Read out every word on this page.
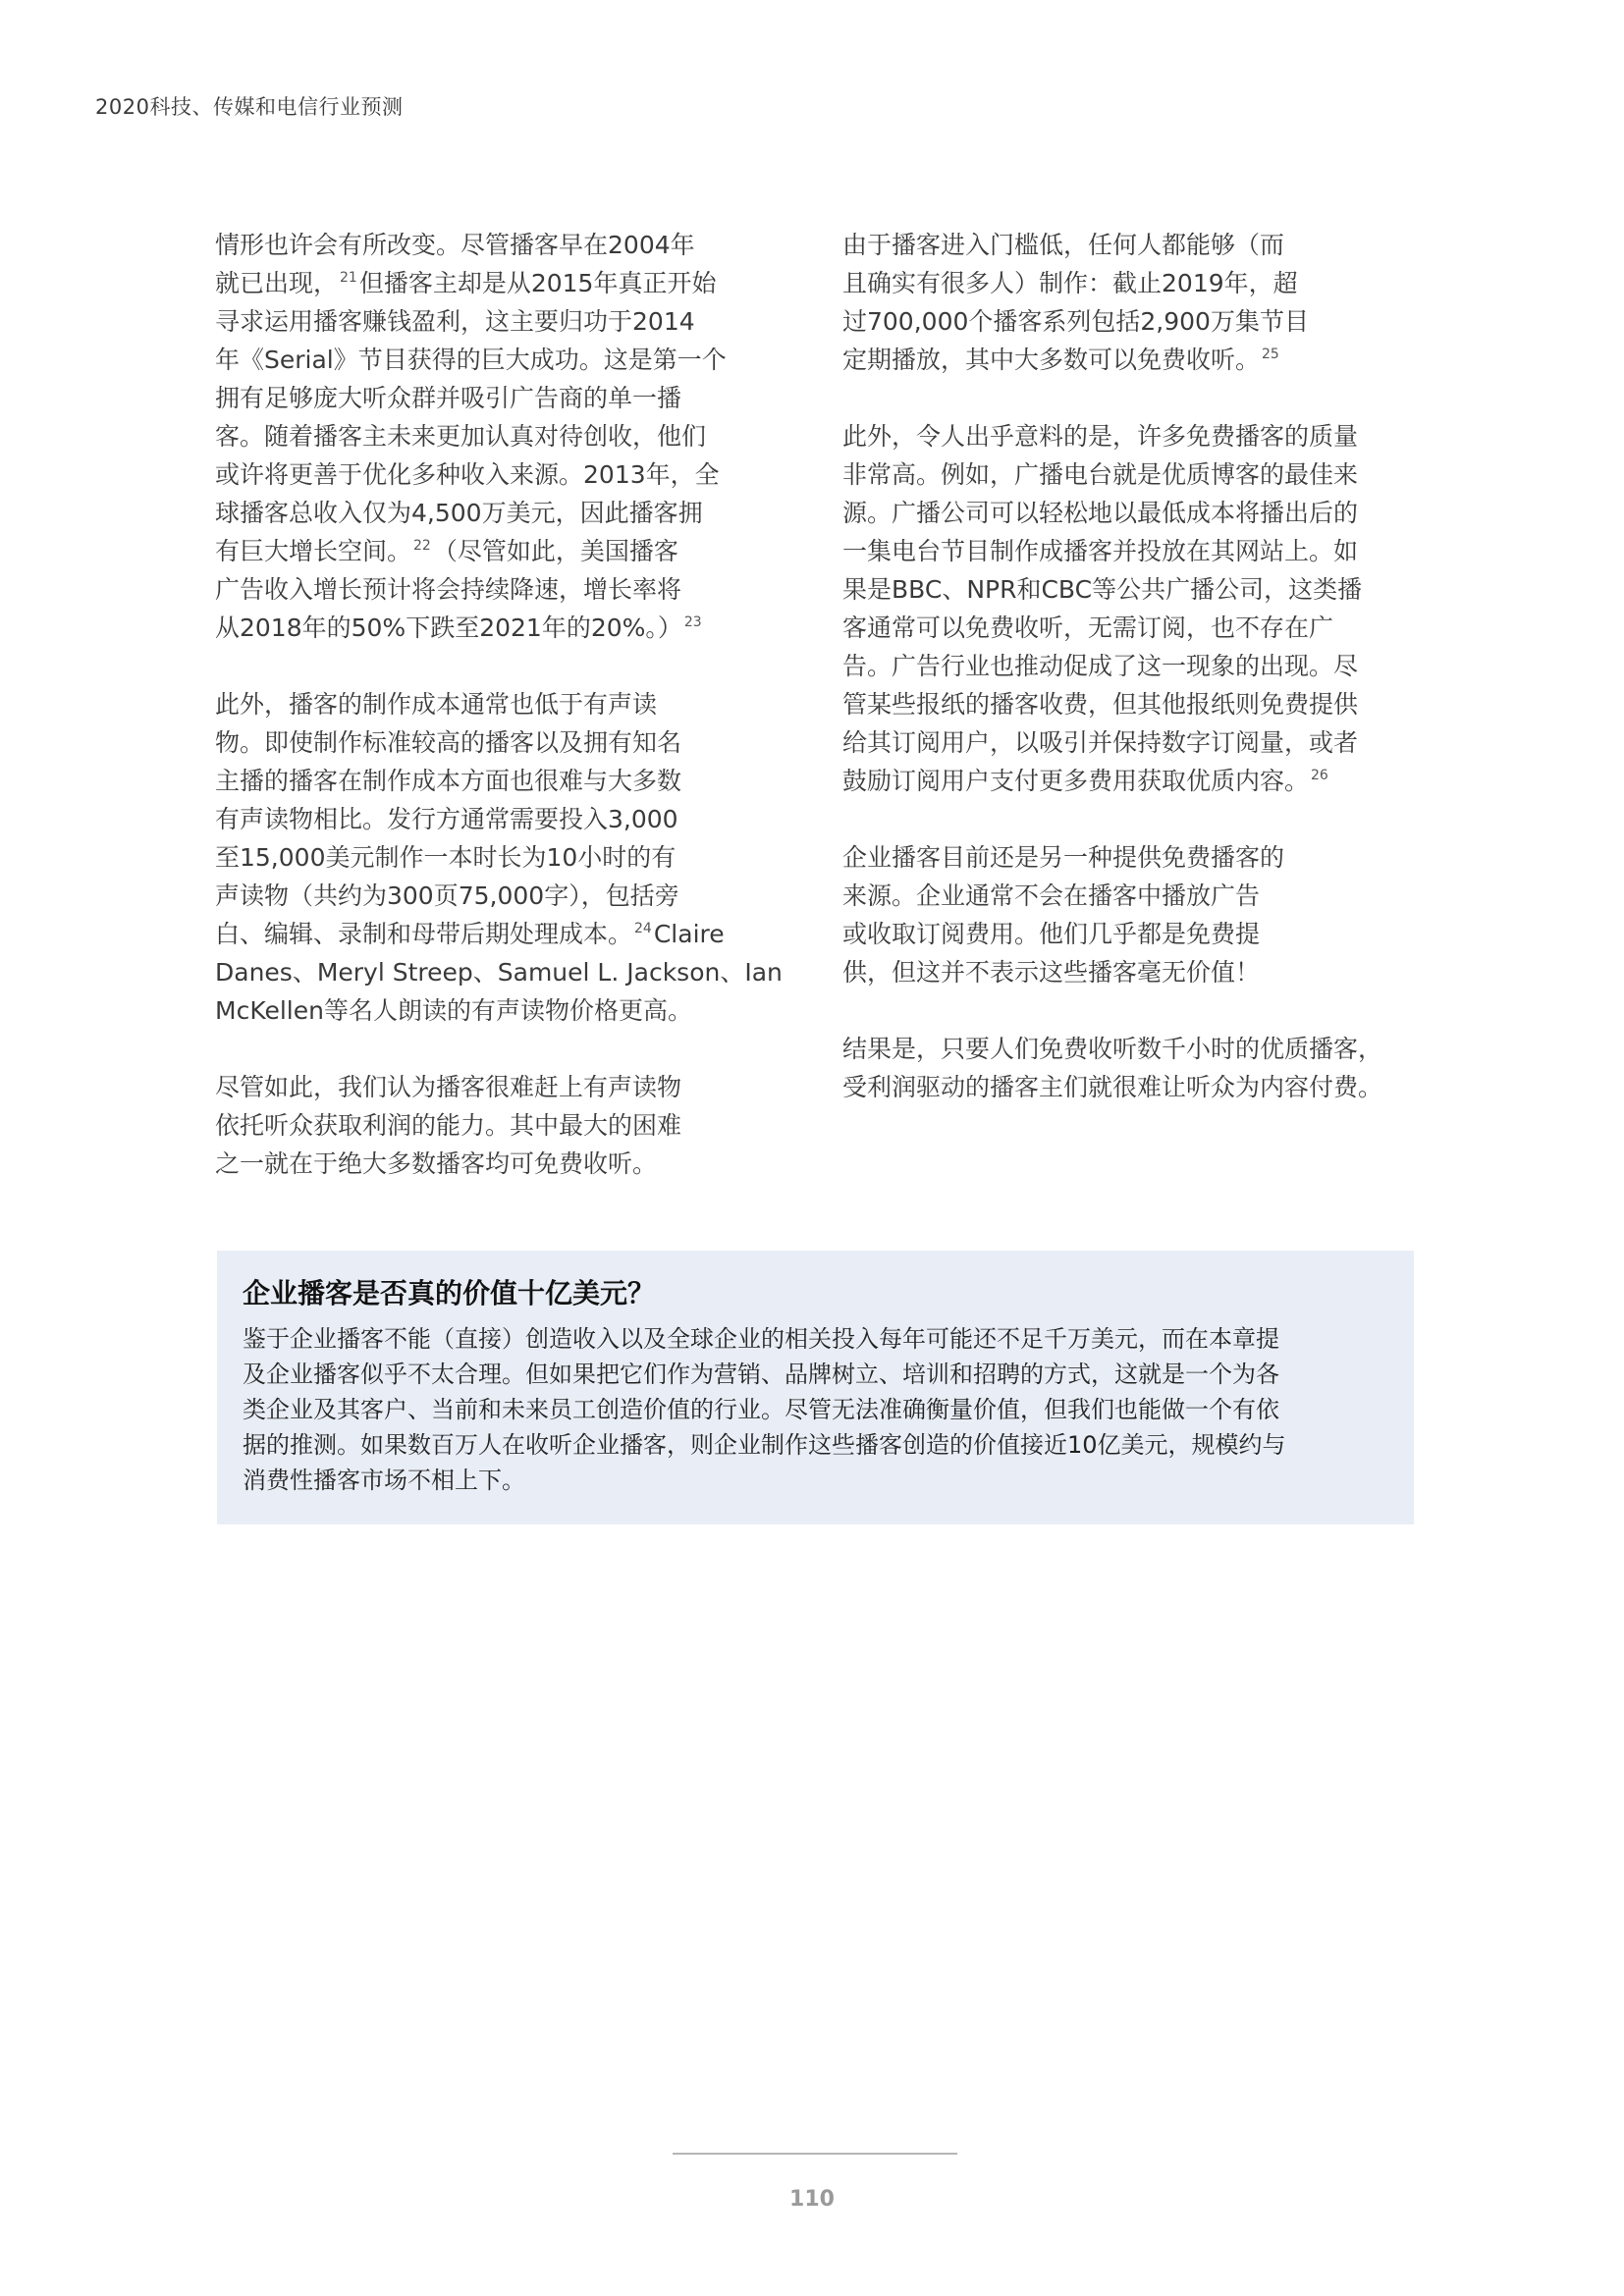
2020科技、传媒和电信行业预测
情形也许会有所改变。尽管播客早在2004年
就已出现， $^{21}$但播客主却是从2015年真正开始
寻求运用播客赚钱盈利，这主要归功于2014
年《Serial》节目获得的巨大成功。这是第一个
拥有足够庞大听众群并吸引广告商的单一播
客。随着播客主未来更加认真对待创收，他们
或许将更善于优化多种收入来源。2013年，全
球播客总收入仅为4,500万美元，因此播客拥
有巨大增长空间。 $^{22}$（尽管如此，美国播客
广告收入增长预计将会持续降速，增长率将
从2018年的50%下跌至2021年的20%。） $^{23}$
此外，播客的制作成本通常也低于有声读
物。即使制作标准较高的播客以及拥有知名
主播的播客在制作成本方面也很难与大多数
有声读物相比。发行方通常需要投入3,000
至15,000美元制作一本时长为10小时的有
声读物（共约为300页75,000字），包括旁
白、编辑、录制和母带后期处理成本。 $^{24}$Claire
Danes、Meryl Streep、Samuel L. Jackson、Ian
McKellen等名人朗读的有声读物价格更高。
尽管如此，我们认为播客很难赶上有声读物
依托听众获取利润的能力。其中最大的困难
之一就在于绝大多数播客均可免费收听。
由于播客进入门槛低，任何人都能够（而
且确实有很多人）制作：截止2019年，超
过700,000个播客系列包括2,900万集节目
定期播放，其中大多数可以免费收听。 $^{25}$
此外，令人出乎意料的是，许多免费播客的质量
非常高。例如，广播电台就是优质博客的最佳来
源。广播公司可以轻松地以最低成本将播出后的
一集电台节目制作成播客并投放在其网站上。如
果是BBC、NPR和CBC等公共广播公司，这类播
客通常可以免费收听，无需订阅，也不存在广
告。广告行业也推动促成了这一现象的出现。尽
管某些报纸的播客收费，但其他报纸则免费提供
给其订阅用户，以吸引并保持数字订阅量，或者
鼓励订阅用户支付更多费用获取优质内容。 $^{26}$
企业播客目前还是另一种提供免费播客的
来源。企业通常不会在播客中播放广告
或收取订阅费用。他们几乎都是免费提
供，但这并不表示这些播客毫无价值！
结果是，只要人们免费收听数千小时的优质播客，
受利润驱动的播客主们就很难让听众为内容付费。
企业播客是否真的价值十亿美元？
鉴于企业播客不能（直接）创造收入以及全球企业的相关投入每年可能还不足千万美元，而在本章提
及企业播客似乎不太合理。但如果把它们作为营销、品牌树立、培训和招聘的方式，这就是一个为各
类企业及其客户、当前和未来员工创造价值的行业。尽管无法准确衡量价值，但我们也能做一个有依
据的推测。如果数百万人在收听企业播客，则企业制作这些播客创造的价值接近10亿美元，规模约与
消费性播客市场不相上下。
110
